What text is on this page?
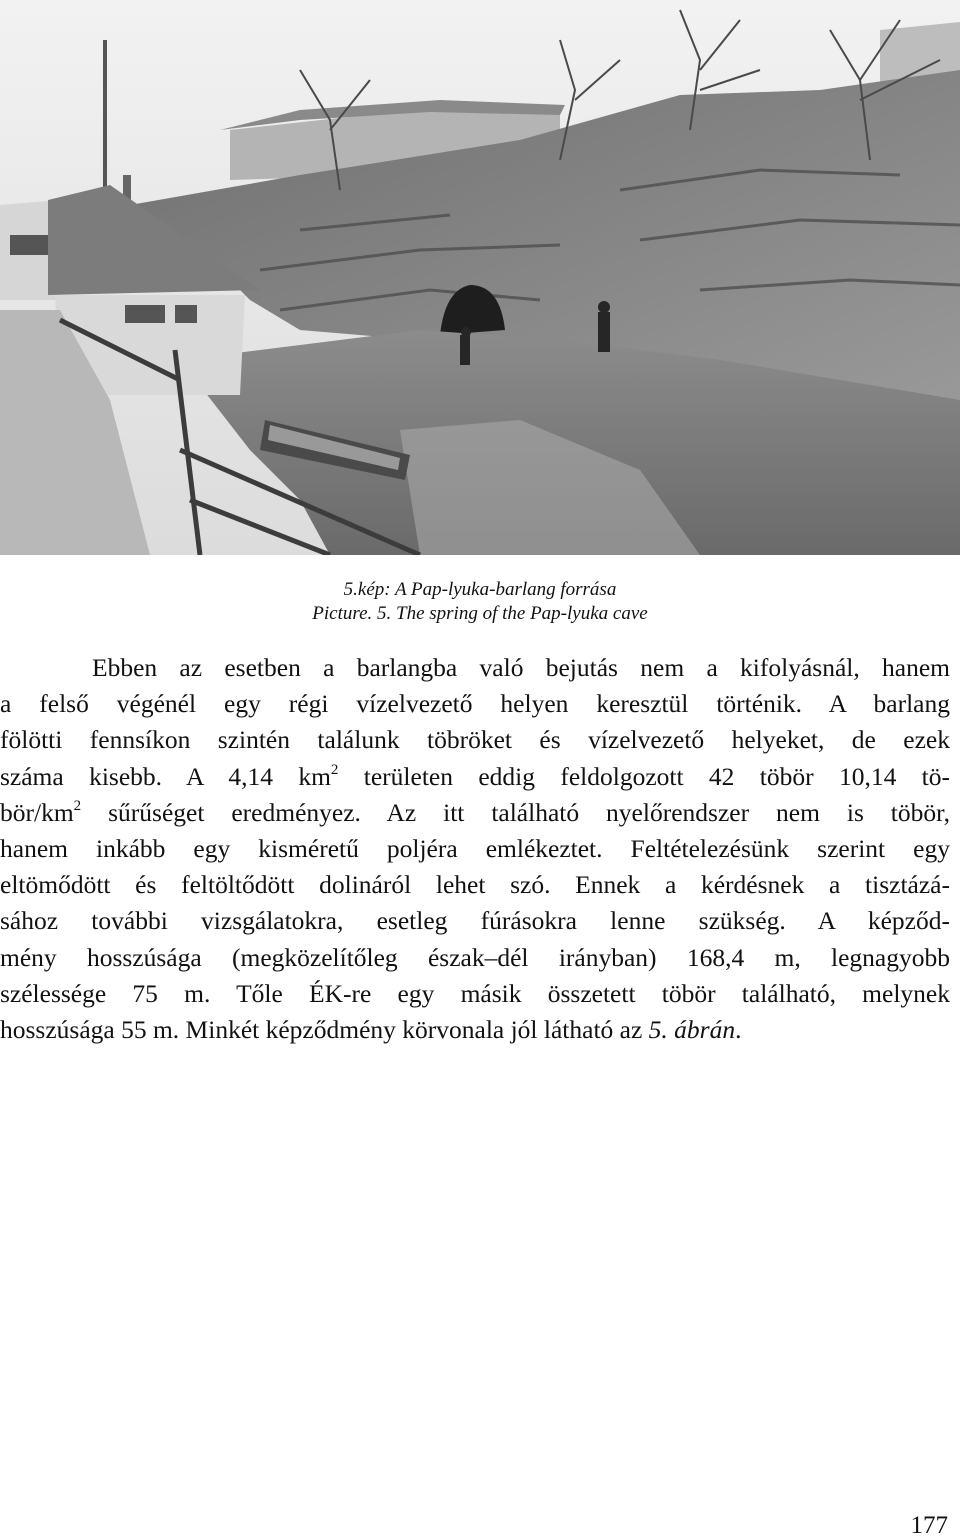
5.kép: A Pap-lyuka-barlang forrása
Picture. 5. The spring of the Pap-lyuka cave
Ebben az esetben a barlangba való bejutás nem a kifolyásnál, hanem
a felső végénél egy régi vízelvezető helyen keresztül történik. A barlang
fölötti fennsíkon szintén találunk töbröket és vízelvezető helyeket, de ezek
száma kisebb. A 4,14 $km^2$ területen eddig feldolgozott 42 töbör 10,14 tö-
bör/$km^2$ sűrűséget eredményez. Az itt található nyelőrendszer nem is töbör,
hanem inkább egy kisméretű poljéra emlékeztet. Feltételezésünk szerint egy
eltömődött és feltöltődött dolináról lehet szó. Ennek a kérdésnek a tisztázá-
sához további vizsgálatokra, esetleg fúrásokra lenne szükség. A képződ-
mény hosszúsága (megközelítőleg észak–dél irányban) 168,4 m, legnagyobb
szélessége 75 m. Tőle ÉK-re egy másik összetett töbör található, melynek
hosszúsága 55 m. Minkét képződmény körvonala jól látható az 5. ábrán.
177
